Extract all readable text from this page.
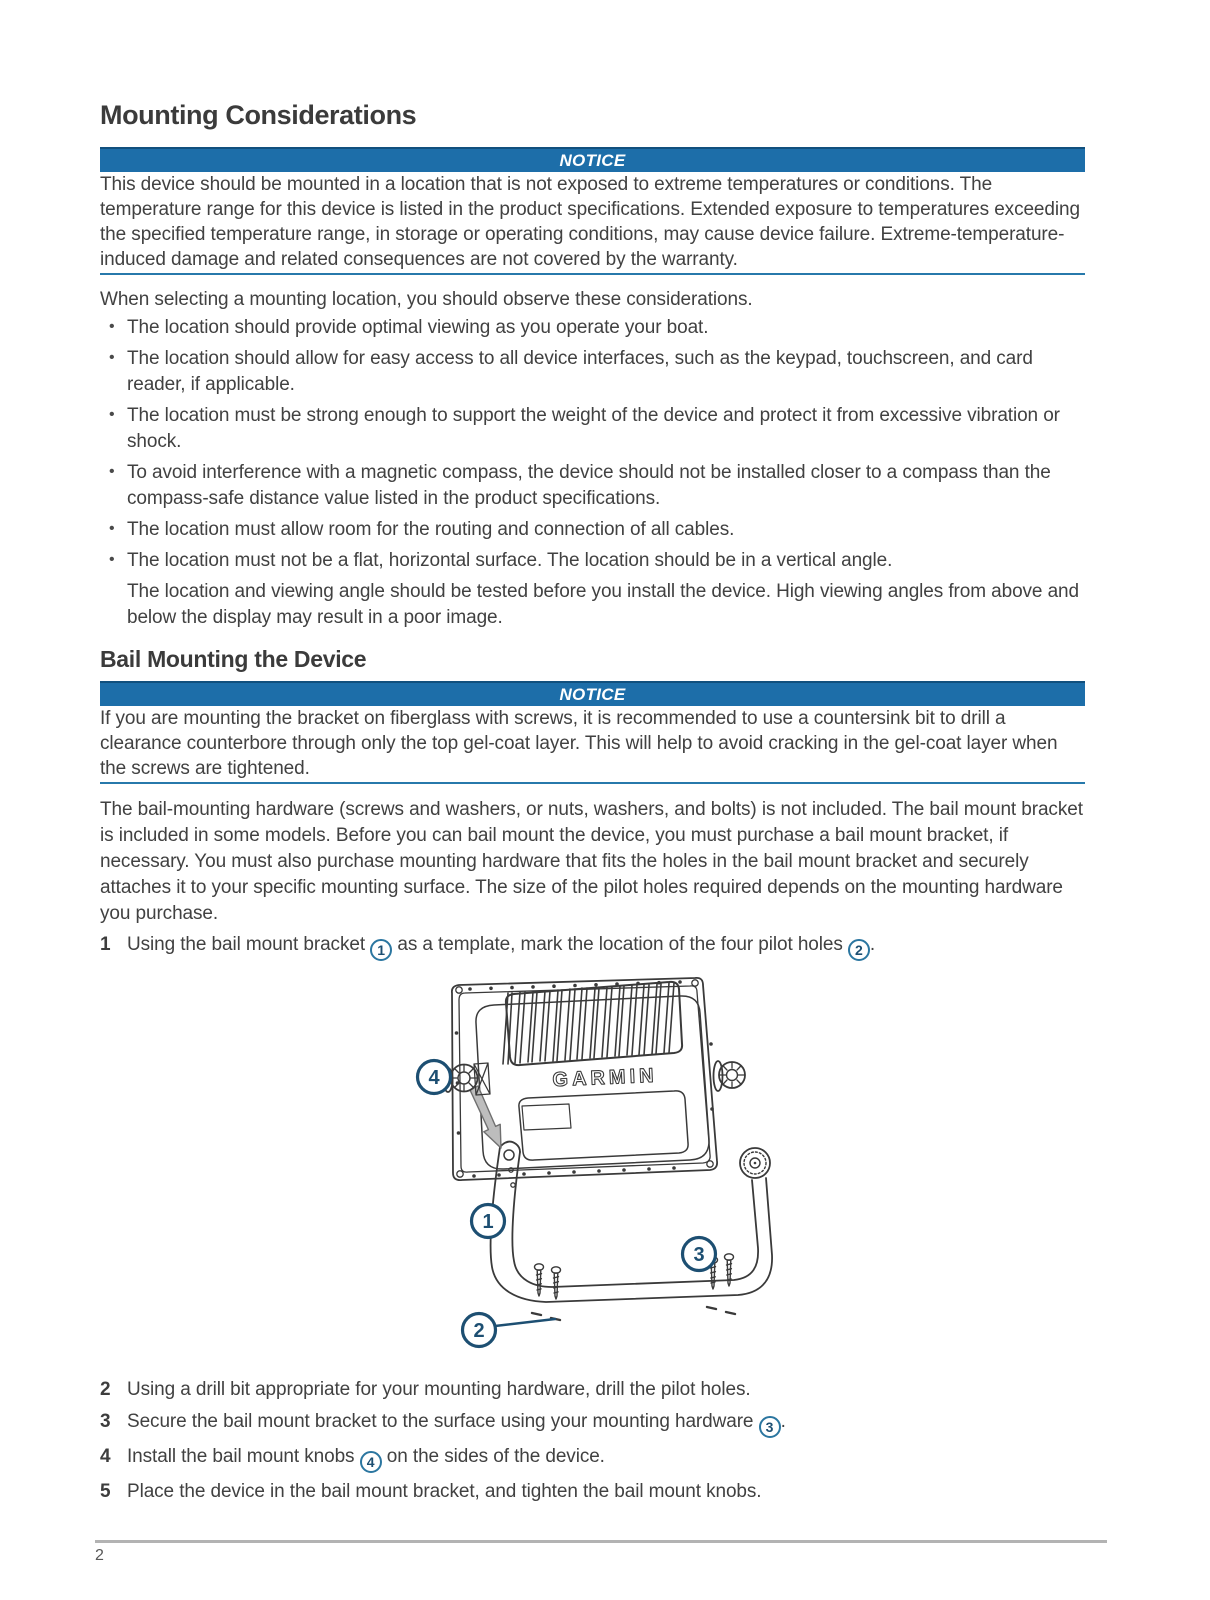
Mounting Considerations
NOTICE
This device should be mounted in a location that is not exposed to extreme temperatures or conditions. The temperature range for this device is listed in the product specifications. Extended exposure to temperatures exceeding the specified temperature range, in storage or operating conditions, may cause device failure. Extreme-temperature-induced damage and related consequences are not covered by the warranty.
When selecting a mounting location, you should observe these considerations.
• The location should provide optimal viewing as you operate your boat.
• The location should allow for easy access to all device interfaces, such as the keypad, touchscreen, and card reader, if applicable.
• The location must be strong enough to support the weight of the device and protect it from excessive vibration or shock.
• To avoid interference with a magnetic compass, the device should not be installed closer to a compass than the compass-safe distance value listed in the product specifications.
• The location must allow room for the routing and connection of all cables.
• The location must not be a flat, horizontal surface. The location should be in a vertical angle.
The location and viewing angle should be tested before you install the device. High viewing angles from above and below the display may result in a poor image.
Bail Mounting the Device
NOTICE
If you are mounting the bracket on fiberglass with screws, it is recommended to use a countersink bit to drill a clearance counterbore through only the top gel-coat layer. This will help to avoid cracking in the gel-coat layer when the screws are tightened.
The bail-mounting hardware (screws and washers, or nuts, washers, and bolts) is not included. The bail mount bracket is included in some models. Before you can bail mount the device, you must purchase a bail mount bracket, if necessary. You must also purchase mounting hardware that fits the holes in the bail mount bracket and securely attaches it to your specific mounting surface. The size of the pilot holes required depends on the mounting hardware you purchase.
1 Using the bail mount bracket 1 as a template, mark the location of the four pilot holes 2 .
GARMIN
4
1
3
2
2 Using a drill bit appropriate for your mounting hardware, drill the pilot holes.
3 Secure the bail mount bracket to the surface using your mounting hardware 3 .
4 Install the bail mount knobs 4 on the sides of the device.
5 Place the device in the bail mount bracket, and tighten the bail mount knobs.
2
